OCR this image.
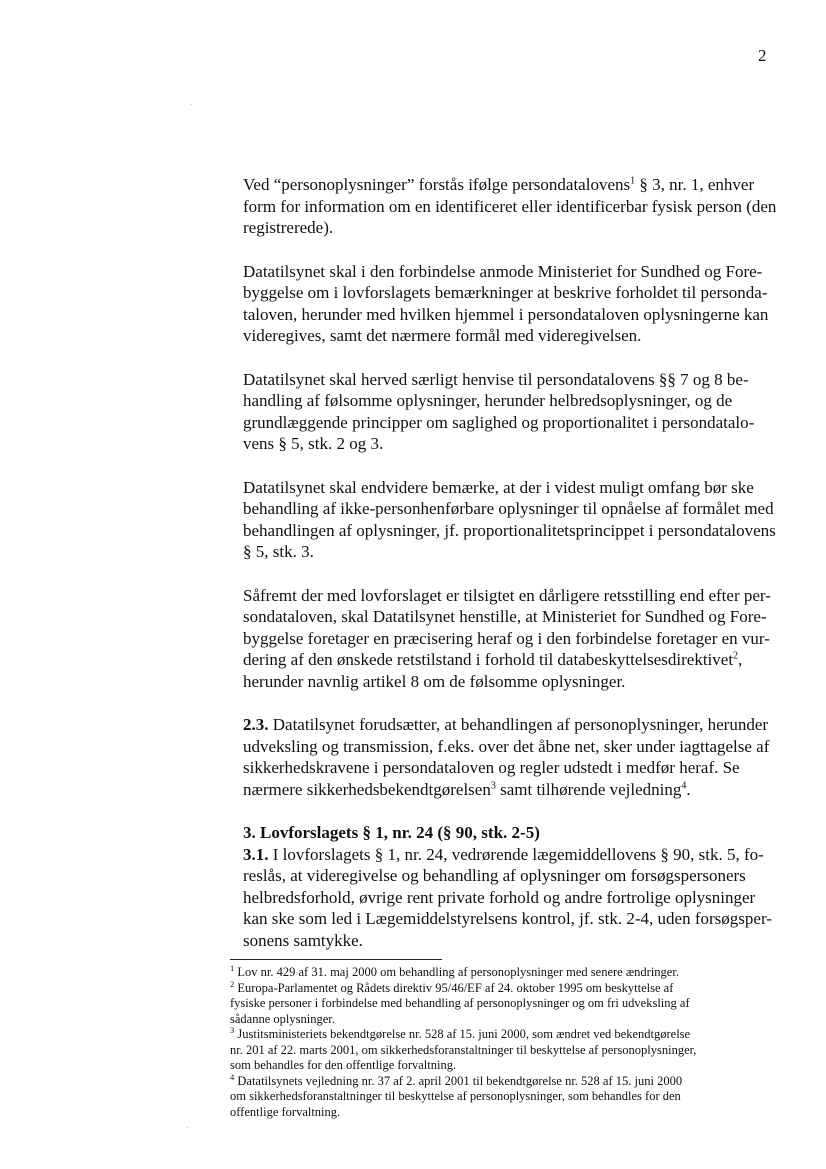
2

Ved “personoplysninger” forstås ifølge persondatalovens$^1$ § 3, nr. 1, enhver
form for information om en identificeret eller identificerbar fysisk person (den
registrerede).

Datatilsynet skal i den forbindelse anmode Ministeriet for Sundhed og Fore-
byggelse om i lovforslagets bemærkninger at beskrive forholdet til personda-
taloven, herunder med hvilken hjemmel i persondataloven oplysningerne kan
videregives, samt det nærmere formål med videregivelsen.

Datatilsynet skal herved særligt henvise til persondatalovens §§ 7 og 8 be-
handling af følsomme oplysninger, herunder helbredsoplysninger, og de
grundlæggende principper om saglighed og proportionalitet i persondatalo-
vens § 5, stk. 2 og 3.

Datatilsynet skal endvidere bemærke, at der i videst muligt omfang bør ske
behandling af ikke-personhenførbare oplysninger til opnåelse af formålet med
behandlingen af oplysninger, jf. proportionalitetsprincippet i persondatalovens
§ 5, stk. 3.

Såfremt der med lovforslaget er tilsigtet en dårligere retsstilling end efter per-
sondataloven, skal Datatilsynet henstille, at Ministeriet for Sundhed og Fore-
byggelse foretager en præcisering heraf og i den forbindelse foretager en vur-
dering af den ønskede retstilstand i forhold til databeskyttelsesdirektivet$^2$,
herunder navnlig artikel 8 om de følsomme oplysninger.

2.3. Datatilsynet forudsætter, at behandlingen af personoplysninger, herunder
udveksling og transmission, f.eks. over det åbne net, sker under iagttagelse af
sikkerhedskravene i persondataloven og regler udstedt i medfør heraf. Se
nærmere sikkerhedsbekendtgørelsen$^3$ samt tilhørende vejledning$^4$.

3. Lovforslagets § 1, nr. 24 (§ 90, stk. 2-5)
3.1. I lovforslagets § 1, nr. 24, vedrørende lægemiddellovens § 90, stk. 5, fo-
reslås, at videregivelse og behandling af oplysninger om forsøgspersoners
helbredsforhold, øvrige rent private forhold og andre fortrolige oplysninger
kan ske som led i Lægemiddelstyrelsens kontrol, jf. stk. 2-4, uden forsøgsper-
sonens samtykke.
$^1$ Lov nr. 429 af 31. maj 2000 om behandling af personoplysninger med senere ændringer.
$^2$ Europa-Parlamentet og Rådets direktiv 95/46/EF af 24. oktober 1995 om beskyttelse af
fysiske personer i forbindelse med behandling af personoplysninger og om fri udveksling af
sådanne oplysninger.
$^3$ Justitsministeriets bekendtgørelse nr. 528 af 15. juni 2000, som ændret ved bekendtgørelse
nr. 201 af 22. marts 2001, om sikkerhedsforanstaltninger til beskyttelse af personoplysninger,
som behandles for den offentlige forvaltning.
$^4$ Datatilsynets vejledning nr. 37 af 2. april 2001 til bekendtgørelse nr. 528 af 15. juni 2000
om sikkerhedsforanstaltninger til beskyttelse af personoplysninger, som behandles for den
offentlige forvaltning.
